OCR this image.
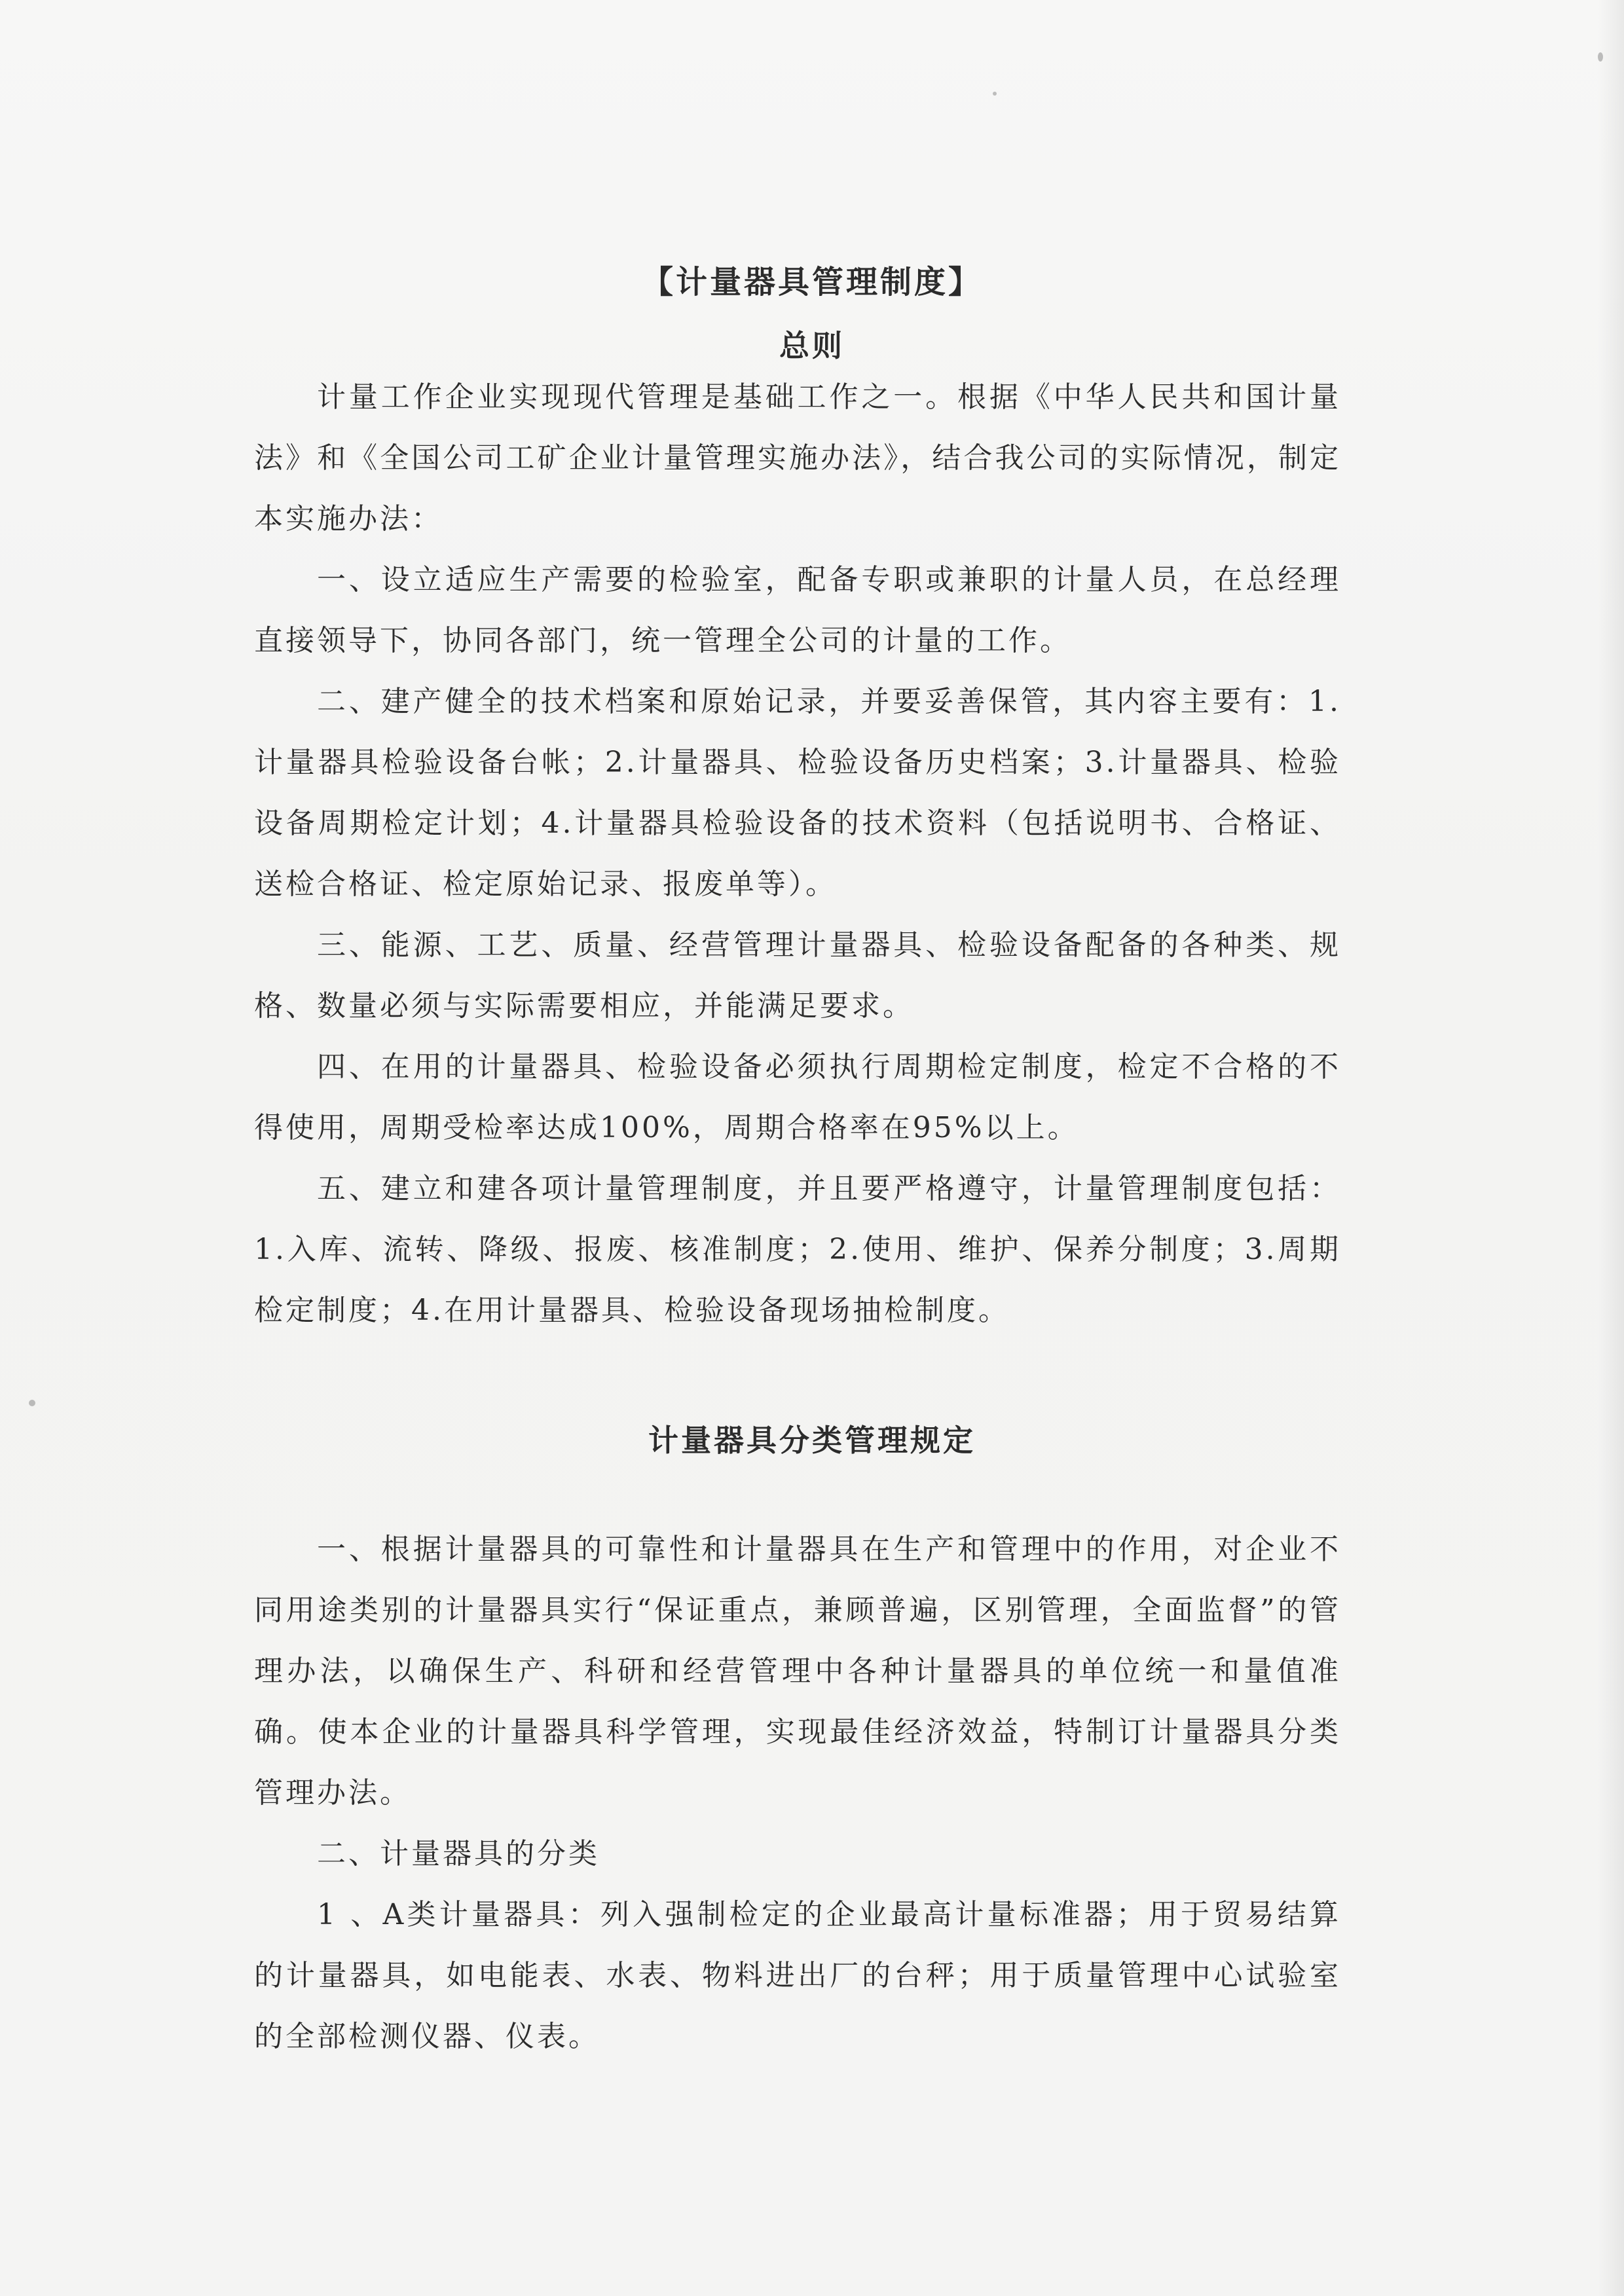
【计量器具管理制度】
总则

计量工作企业实现现代管理是基础工作之一。根据《中华人民共和国计量法》和《全国公司工矿企业计量管理实施办法》，结合我公司的实际情况，制定本实施办法：

一、设立适应生产需要的检验室，配备专职或兼职的计量人员，在总经理直接领导下，协同各部门，统一管理全公司的计量的工作。

二、建产健全的技术档案和原始记录，并要妥善保管，其内容主要有：1.计量器具检验设备台帐；2.计量器具、检验设备历史档案；3.计量器具、检验设备周期检定计划；4.计量器具检验设备的技术资料（包括说明书、合格证、送检合格证、检定原始记录、报废单等）。

三、能源、工艺、质量、经营管理计量器具、检验设备配备的各种类、规格、数量必须与实际需要相应，并能满足要求。

四、在用的计量器具、检验设备必须执行周期检定制度，检定不合格的不得使用，周期受检率达成100%，周期合格率在95%以上。

五、建立和建各项计量管理制度，并且要严格遵守，计量管理制度包括：1.入库、流转、降级、报废、核准制度；2.使用、维护、保养分制度；3.周期检定制度；4.在用计量器具、检验设备现场抽检制度。

计量器具分类管理规定

一、根据计量器具的可靠性和计量器具在生产和管理中的作用，对企业不同用途类别的计量器具实行“保证重点，兼顾普遍，区别管理，全面监督”的管理办法，以确保生产、科研和经营管理中各种计量器具的单位统一和量值准确。使本企业的计量器具科学管理，实现最佳经济效益，特制订计量器具分类管理办法。

二、计量器具的分类

1 、A类计量器具：列入强制检定的企业最高计量标准器；用于贸易结算的计量器具，如电能表、水表、物料进出厂的台秤；用于质量管理中心试验室的全部检测仪器、仪表。
